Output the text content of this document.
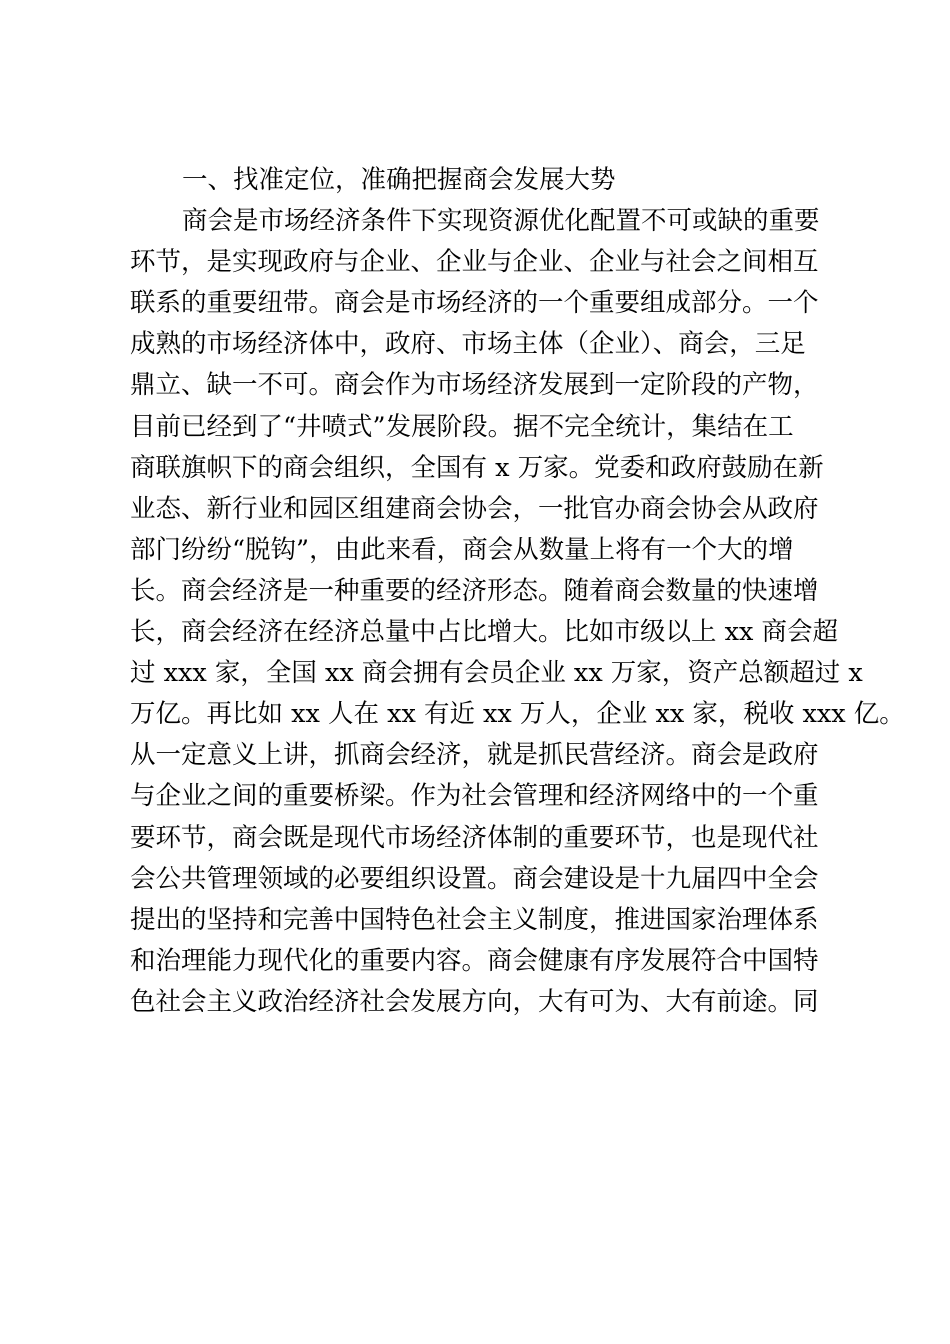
一、找准定位，准确把握商会发展大势
商会是市场经济条件下实现资源优化配置不可或缺的重要
环节，是实现政府与企业、企业与企业、企业与社会之间相互
联系的重要纽带。商会是市场经济的一个重要组成部分。一个
成熟的市场经济体中，政府、市场主体（企业）、商会，三足
鼎立、缺一不可。商会作为市场经济发展到一定阶段的产物，
目前已经到了“井喷式”发展阶段。据不完全统计，集结在工
商联旗帜下的商会组织，全国有 x 万家。党委和政府鼓励在新
业态、新行业和园区组建商会协会，一批官办商会协会从政府
部门纷纷“脱钩”，由此来看，商会从数量上将有一个大的增
长。商会经济是一种重要的经济形态。随着商会数量的快速增
长，商会经济在经济总量中占比增大。比如市级以上 xx 商会超
过 xxx 家，全国 xx 商会拥有会员企业 xx 万家，资产总额超过 x
万亿。再比如 xx 人在 xx 有近 xx 万人，企业 xx 家，税收 xxx 亿。
从一定意义上讲，抓商会经济，就是抓民营经济。商会是政府
与企业之间的重要桥梁。作为社会管理和经济网络中的一个重
要环节，商会既是现代市场经济体制的重要环节，也是现代社
会公共管理领域的必要组织设置。商会建设是十九届四中全会
提出的坚持和完善中国特色社会主义制度，推进国家治理体系
和治理能力现代化的重要内容。商会健康有序发展符合中国特
色社会主义政治经济社会发展方向，大有可为、大有前途。同
